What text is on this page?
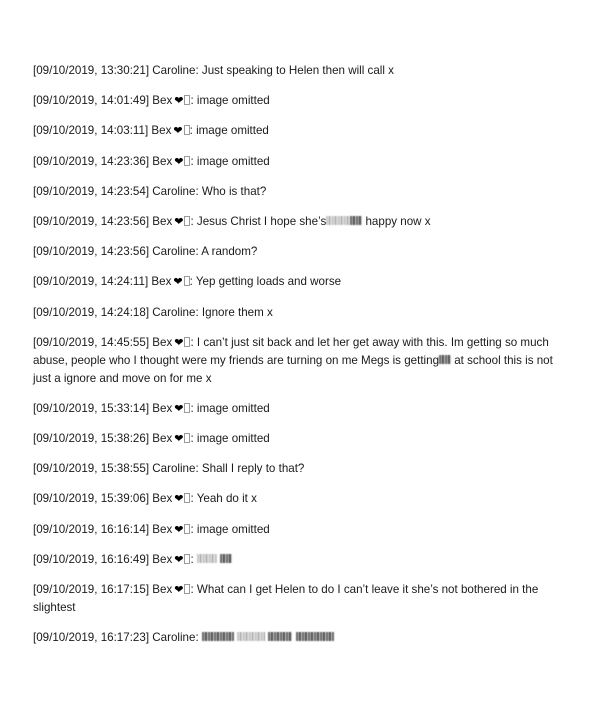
[09/10/2019, 13:30:21] Caroline: Just speaking to Helen then will call x

[09/10/2019, 14:01:49] Bex ❤ : image omitted

[09/10/2019, 14:03:11] Bex ❤ : image omitted

[09/10/2019, 14:23:36] Bex ❤ : image omitted

[09/10/2019, 14:23:54] Caroline: Who is that?

[09/10/2019, 14:23:56] Bex ❤ : Jesus Christ I hope she’s	happy now x

[09/10/2019, 14:23:56] Caroline: A random?

[09/10/2019, 14:24:11] Bex ❤ : Yep getting loads and worse

[09/10/2019, 14:24:18] Caroline: Ignore them x

[09/10/2019, 14:45:55] Bex ❤ : I can’t just sit back and let her get away with this. Im getting so much abuse, people who I thought were my friends are turning on me Megs is getting at school this is not just a ignore and move on for me x

[09/10/2019, 15:33:14] Bex ❤ : image omitted

[09/10/2019, 15:38:26] Bex ❤ : image omitted

[09/10/2019, 15:38:55] Caroline: Shall I reply to that?

[09/10/2019, 15:39:06] Bex ❤ : Yeah do it x

[09/10/2019, 16:16:14] Bex ❤ : image omitted

[09/10/2019, 16:16:49] Bex ❤ :

[09/10/2019, 16:17:15] Bex ❤ : What can I get Helen to do I can’t leave it she’s not bothered in the slightest

[09/10/2019, 16:17:23] Caroline:
